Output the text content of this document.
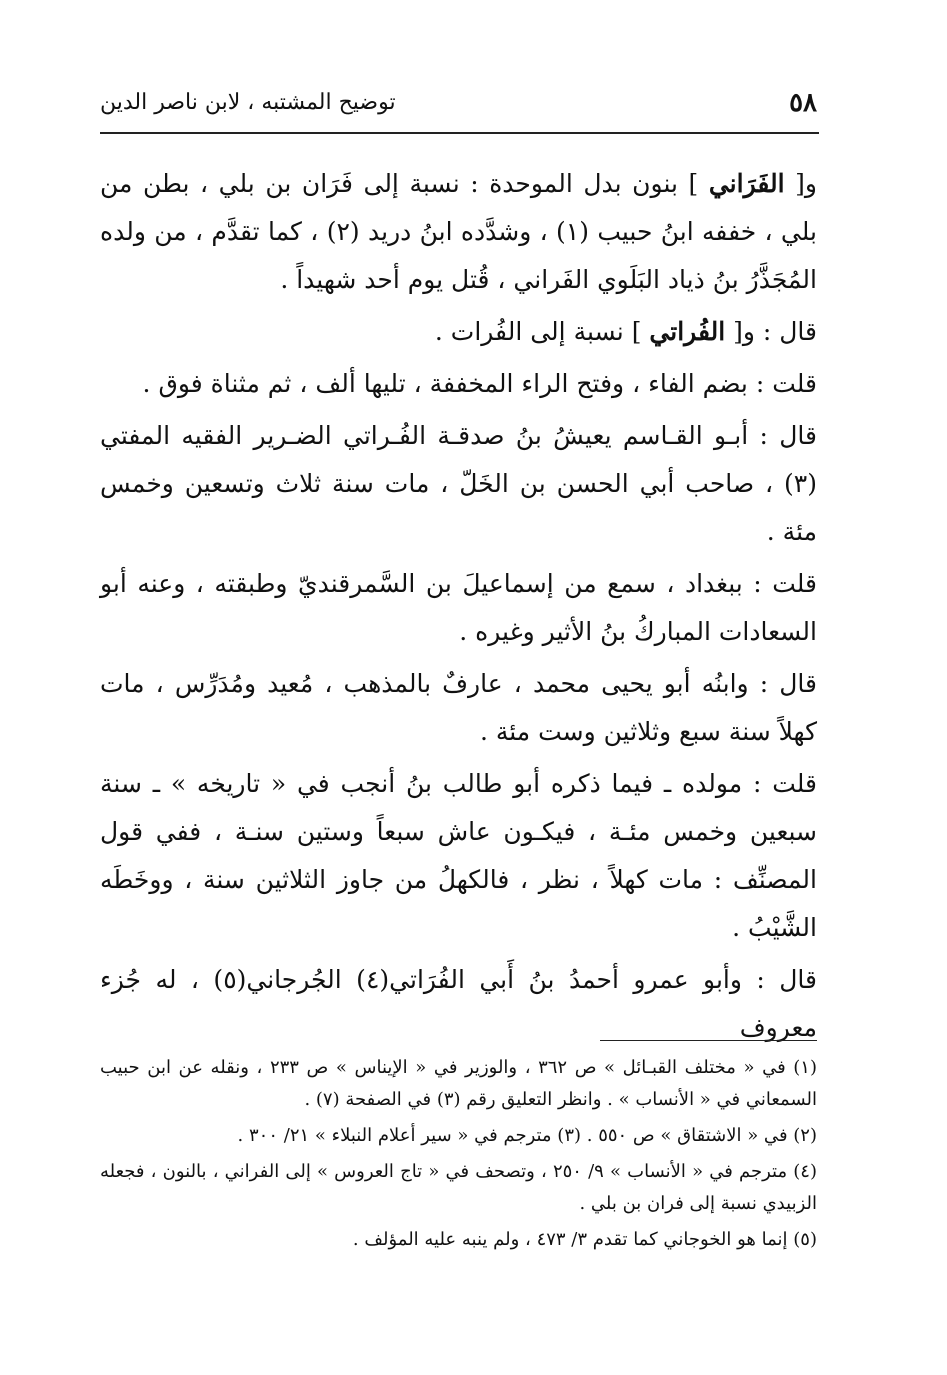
٥٨
توضيح المشتبه ، لابن ناصر الدين

و[ الفَرَاني ] بنون بدل الموحدة : نسبة إلى فَرَان بن بلي ، بطن من بلي ، خففه ابنُ حبيب (١) ، وشدَّده ابنُ دريد (٢) ، كما تقدَّم ، من ولده المُجَذَّرُ بنُ ذياد البَلَوي الفَراني ، قُتل يوم أحد شهيداً .

قال : و[ الفُراتي ] نسبة إلى الفُرات .

قلت : بضم الفاء ، وفتح الراء المخففة ، تليها ألف ، ثم مثناة فوق .

قال : أبـو القـاسم يعيشُ بنُ صدقـة الفُـراتي الضـرير الفقيه المفتي (٣) ، صاحب أبي الحسن بن الخَلّ ، مات سنة ثلاث وتسعين وخمس مئة .

قلت : ببغداد ، سمع من إسماعيلَ بن السَّمرقنديّ وطبقته ، وعنه أبو السعادات المباركُ بنُ الأثير وغيره .

قال : وابنُه أبو يحيى محمد ، عارفٌ بالمذهب ، مُعيد ومُدَرِّس ، مات كهلاً سنة سبع وثلاثين وست مئة .

قلت : مولده ـ فيما ذكره أبو طالب بنُ أنجب في « تاريخه » ـ سنة سبعين وخمس مئـة ، فيكـون عاش سبعاً وستين سنـة ، ففي قول المصنِّف : مات كهلاً ، نظر ، فالكهلُ من جاوز الثلاثين سنة ، ووخَطَه الشَّيْبُ .

قال : وأبو عمرو أحمدُ بنُ أَبي الفُرَاتي(٤) الجُرجاني(٥) ، له جُزء معروف

(١) في « مختلف القبـائل » ص ٣٦٢ ، والوزير في « الإيناس » ص ٢٣٣ ، ونقله عن ابن حبيب السمعاني في « الأنساب » . وانظر التعليق رقم (٣) في الصفحة (٧) .

(٢) في « الاشتقاق » ص ٥٥٠ . (٣) مترجم في « سير أعلام النبلاء » ٢١/ ٣٠٠ .

(٤) مترجم في « الأنساب » ٩/ ٢٥٠ ، وتصحف في « تاج العروس » إلى الفراني ، بالنون ، فجعله الزبيدي نسبة إلى فران بن بلي .

(٥) إنما هو الخوجاني كما تقدم ٣/ ٤٧٣ ، ولم ينبه عليه المؤلف .
